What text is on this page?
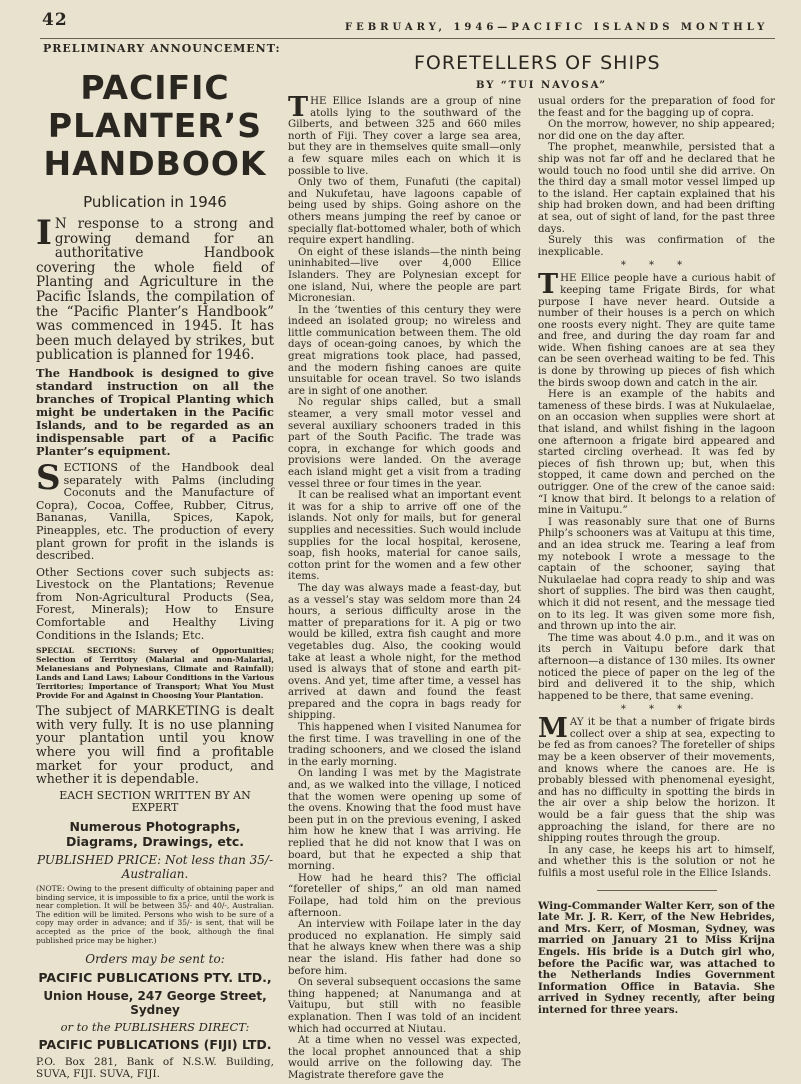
42	FEBRUARY, 1946—PACIFIC ISLANDS MONTHLY
PRELIMINARY ANNOUNCEMENT:
PACIFIC
PLANTER’S
HANDBOOK
Publication in 1946

I N response to a strong and growing demand for an authoritative Handbook covering the whole field of Planting and Agriculture in the Pacific Islands, the compilation of the “Pacific Planter’s Handbook” was commenced in 1945. It has been much delayed by strikes, but publication is planned for 1946.

The Handbook is designed to give standard instruction on all the branches of Tropical Planting which might be undertaken in the Pacific Islands, and to be regarded as an indispensable part of a Pacific Planter’s equipment.

SECTIONS of the Handbook deal separately with Palms (including Coconuts and the Manufacture of Copra), Cocoa, Coffee, Rubber, Citrus, Bananas, Vanilla, Spices, Kapok, Pineapples, etc. The production of every plant grown for profit in the islands is described.

Other Sections cover such subjects as: Livestock on the Plantations; Revenue from Non-Agricultural Products (Sea, Forest, Minerals); How to Ensure Comfortable and Healthy Living Conditions in the Islands; Etc.

SPECIAL SECTIONS: Survey of Opportunities; Selection of Territory (Malarial and non-Malarial, Melanesians and Polynesians, Climate and Rainfall); Lands and Land Laws; Labour Conditions in the Various Territories; Importance of Transport; What You Must Provide For and Against in Choosing Your Plantation.

The subject of MARKETING is dealt with very fully. It is no use planning your plantation until you know where you will find a profitable market for your product, and whether it is dependable.

EACH SECTION WRITTEN BY AN EXPERT

Numerous Photographs, Diagrams, Drawings, etc.

PUBLISHED PRICE: Not less than 35/- Australian.

(NOTE: Owing to the present difficulty of obtaining paper and binding service, it is impossible to fix a price, until the work is near completion. It will be between 35/- and 40/-, Australian. The edition will be limited. Persons who wish to be sure of a copy may order in advance; and if 35/- is sent, that will be accepted as the price of the book, although the final published price may be higher.)

Orders may be sent to:

PACIFIC PUBLICATIONS PTY. LTD.,

Union House, 247 George Street, Sydney

or to the PUBLISHERS DIRECT:

PACIFIC PUBLICATIONS (FIJI) LTD.

P.O. Box 281, Bank of N.S.W. Building, SUVA, FIJI. SUVA, FIJI.

FORETELLERS OF SHIPS
BY “TUI NAVOSA”

THE Ellice Islands are a group of nine atolls lying to the southward of the Gilberts, and between 325 and 660 miles north of Fiji. They cover a large sea area, but they are in themselves quite small—only a few square miles each on which it is possible to live.

Only two of them, Funafuti (the capital) and Nukufetau, have lagoons capable of being used by ships. Going ashore on the others means jumping the reef by canoe or specially flat-bottomed whaler, both of which require expert handling.

On eight of these islands—the ninth being uninhabited—live over 4,000 Ellice Islanders. They are Polynesian except for one island, Nui, where the people are part Micronesian.

In the ’twenties of this century they were indeed an isolated group; no wireless and little communication between them. The old days of ocean-going canoes, by which the great migrations took place, had passed, and the modern fishing canoes are quite unsuitable for ocean travel. So two islands are in sight of one another.

No regular ships called, but a small steamer, a very small motor vessel and several auxiliary schooners traded in this part of the South Pacific. The trade was copra, in exchange for which goods and provisions were landed. On the average each island might get a visit from a trading vessel three or four times in the year.

It can be realised what an important event it was for a ship to arrive off one of the islands. Not only for mails, but for general supplies and necessities. Such would include supplies for the local hospital, kerosene, soap, fish hooks, material for canoe sails, cotton print for the women and a few other items.

The day was always made a feast-day, but as a vessel’s stay was seldom more than 24 hours, a serious difficulty arose in the matter of preparations for it. A pig or two would be killed, extra fish caught and more vegetables dug. Also, the cooking would take at least a whole night, for the method used is always that of stone and earth pit-ovens. And yet, time after time, a vessel has arrived at dawn and found the feast prepared and the copra in bags ready for shipping.

This happened when I visited Nanumea for the first time. I was travelling in one of the trading schooners, and we closed the island in the early morning.

On landing I was met by the Magistrate and, as we walked into the village, I noticed that the women were opening up some of the ovens. Knowing that the food must have been put in on the previous evening, I asked him how he knew that I was arriving. He replied that he did not know that I was on board, but that he expected a ship that morning.

How had he heard this? The official “foreteller of ships,” an old man named Foilape, had told him on the previous afternoon.

An interview with Foilape later in the day produced no explanation. He simply said that he always knew when there was a ship near the island. His father had done so before him.

On several subsequent occasions the same thing happened; at Nanumanga and at Vaitupu, but still with no feasible explanation. Then I was told of an incident which had occurred at Niutau.

At a time when no vessel was expected, the local prophet announced that a ship would arrive on the following day. The Magistrate therefore gave the

usual orders for the preparation of food for the feast and for the bagging up of copra.

On the morrow, however, no ship appeared; nor did one on the day after.

The prophet, meanwhile, persisted that a ship was not far off and he declared that he would touch no food until she did arrive. On the third day a small motor vessel limped up to the island. Her captain explained that his ship had broken down, and had been drifting at sea, out of sight of land, for the past three days.

Surely this was confirmation of the inexplicable.

* * *

THE Ellice people have a curious habit of keeping tame Frigate Birds, for what purpose I have never heard. Outside a number of their houses is a perch on which one roosts every night. They are quite tame and free, and during the day roam far and wide. When fishing canoes are at sea they can be seen overhead waiting to be fed. This is done by throwing up pieces of fish which the birds swoop down and catch in the air.

Here is an example of the habits and tameness of these birds. I was at Nukulaelae, on an occasion when supplies were short at that island, and whilst fishing in the lagoon one afternoon a frigate bird appeared and started circling overhead. It was fed by pieces of fish thrown up; but, when this stopped, it came down and perched on the outrigger. One of the crew of the canoe said: “I know that bird. It belongs to a relation of mine in Vaitupu.”

I was reasonably sure that one of Burns Philp’s schooners was at Vaitupu at this time, and an idea struck me. Tearing a leaf from my notebook I wrote a message to the captain of the schooner, saying that Nukulaelae had copra ready to ship and was short of supplies. The bird was then caught, which it did not resent, and the message tied on to its leg. It was given some more fish, and thrown up into the air.

The time was about 4.0 p.m., and it was on its perch in Vaitupu before dark that afternoon—a distance of 130 miles. Its owner noticed the piece of paper on the leg of the bird and delivered it to the ship, which happened to be there, that same evening.

* * *

MAY it be that a number of frigate birds collect over a ship at sea, expecting to be fed as from canoes? The foreteller of ships may be a keen observer of their movements, and knows where the canoes are. He is probably blessed with phenomenal eyesight, and has no difficulty in spotting the birds in the air over a ship below the horizon. It would be a fair guess that the ship was approaching the island, for there are no shipping routes through the group.

In any case, he keeps his art to himself, and whether this is the solution or not he fulfils a most useful role in the Ellice Islands.

Wing-Commander Walter Kerr, son of the late Mr. J. R. Kerr, of the New Hebrides, and Mrs. Kerr, of Mosman, Sydney, was married on January 21 to Miss Krijna Engels. His bride is a Dutch girl who, before the Pacific war, was attached to the Netherlands Indies Government Information Office in Batavia. She arrived in Sydney recently, after being interned for three years.
